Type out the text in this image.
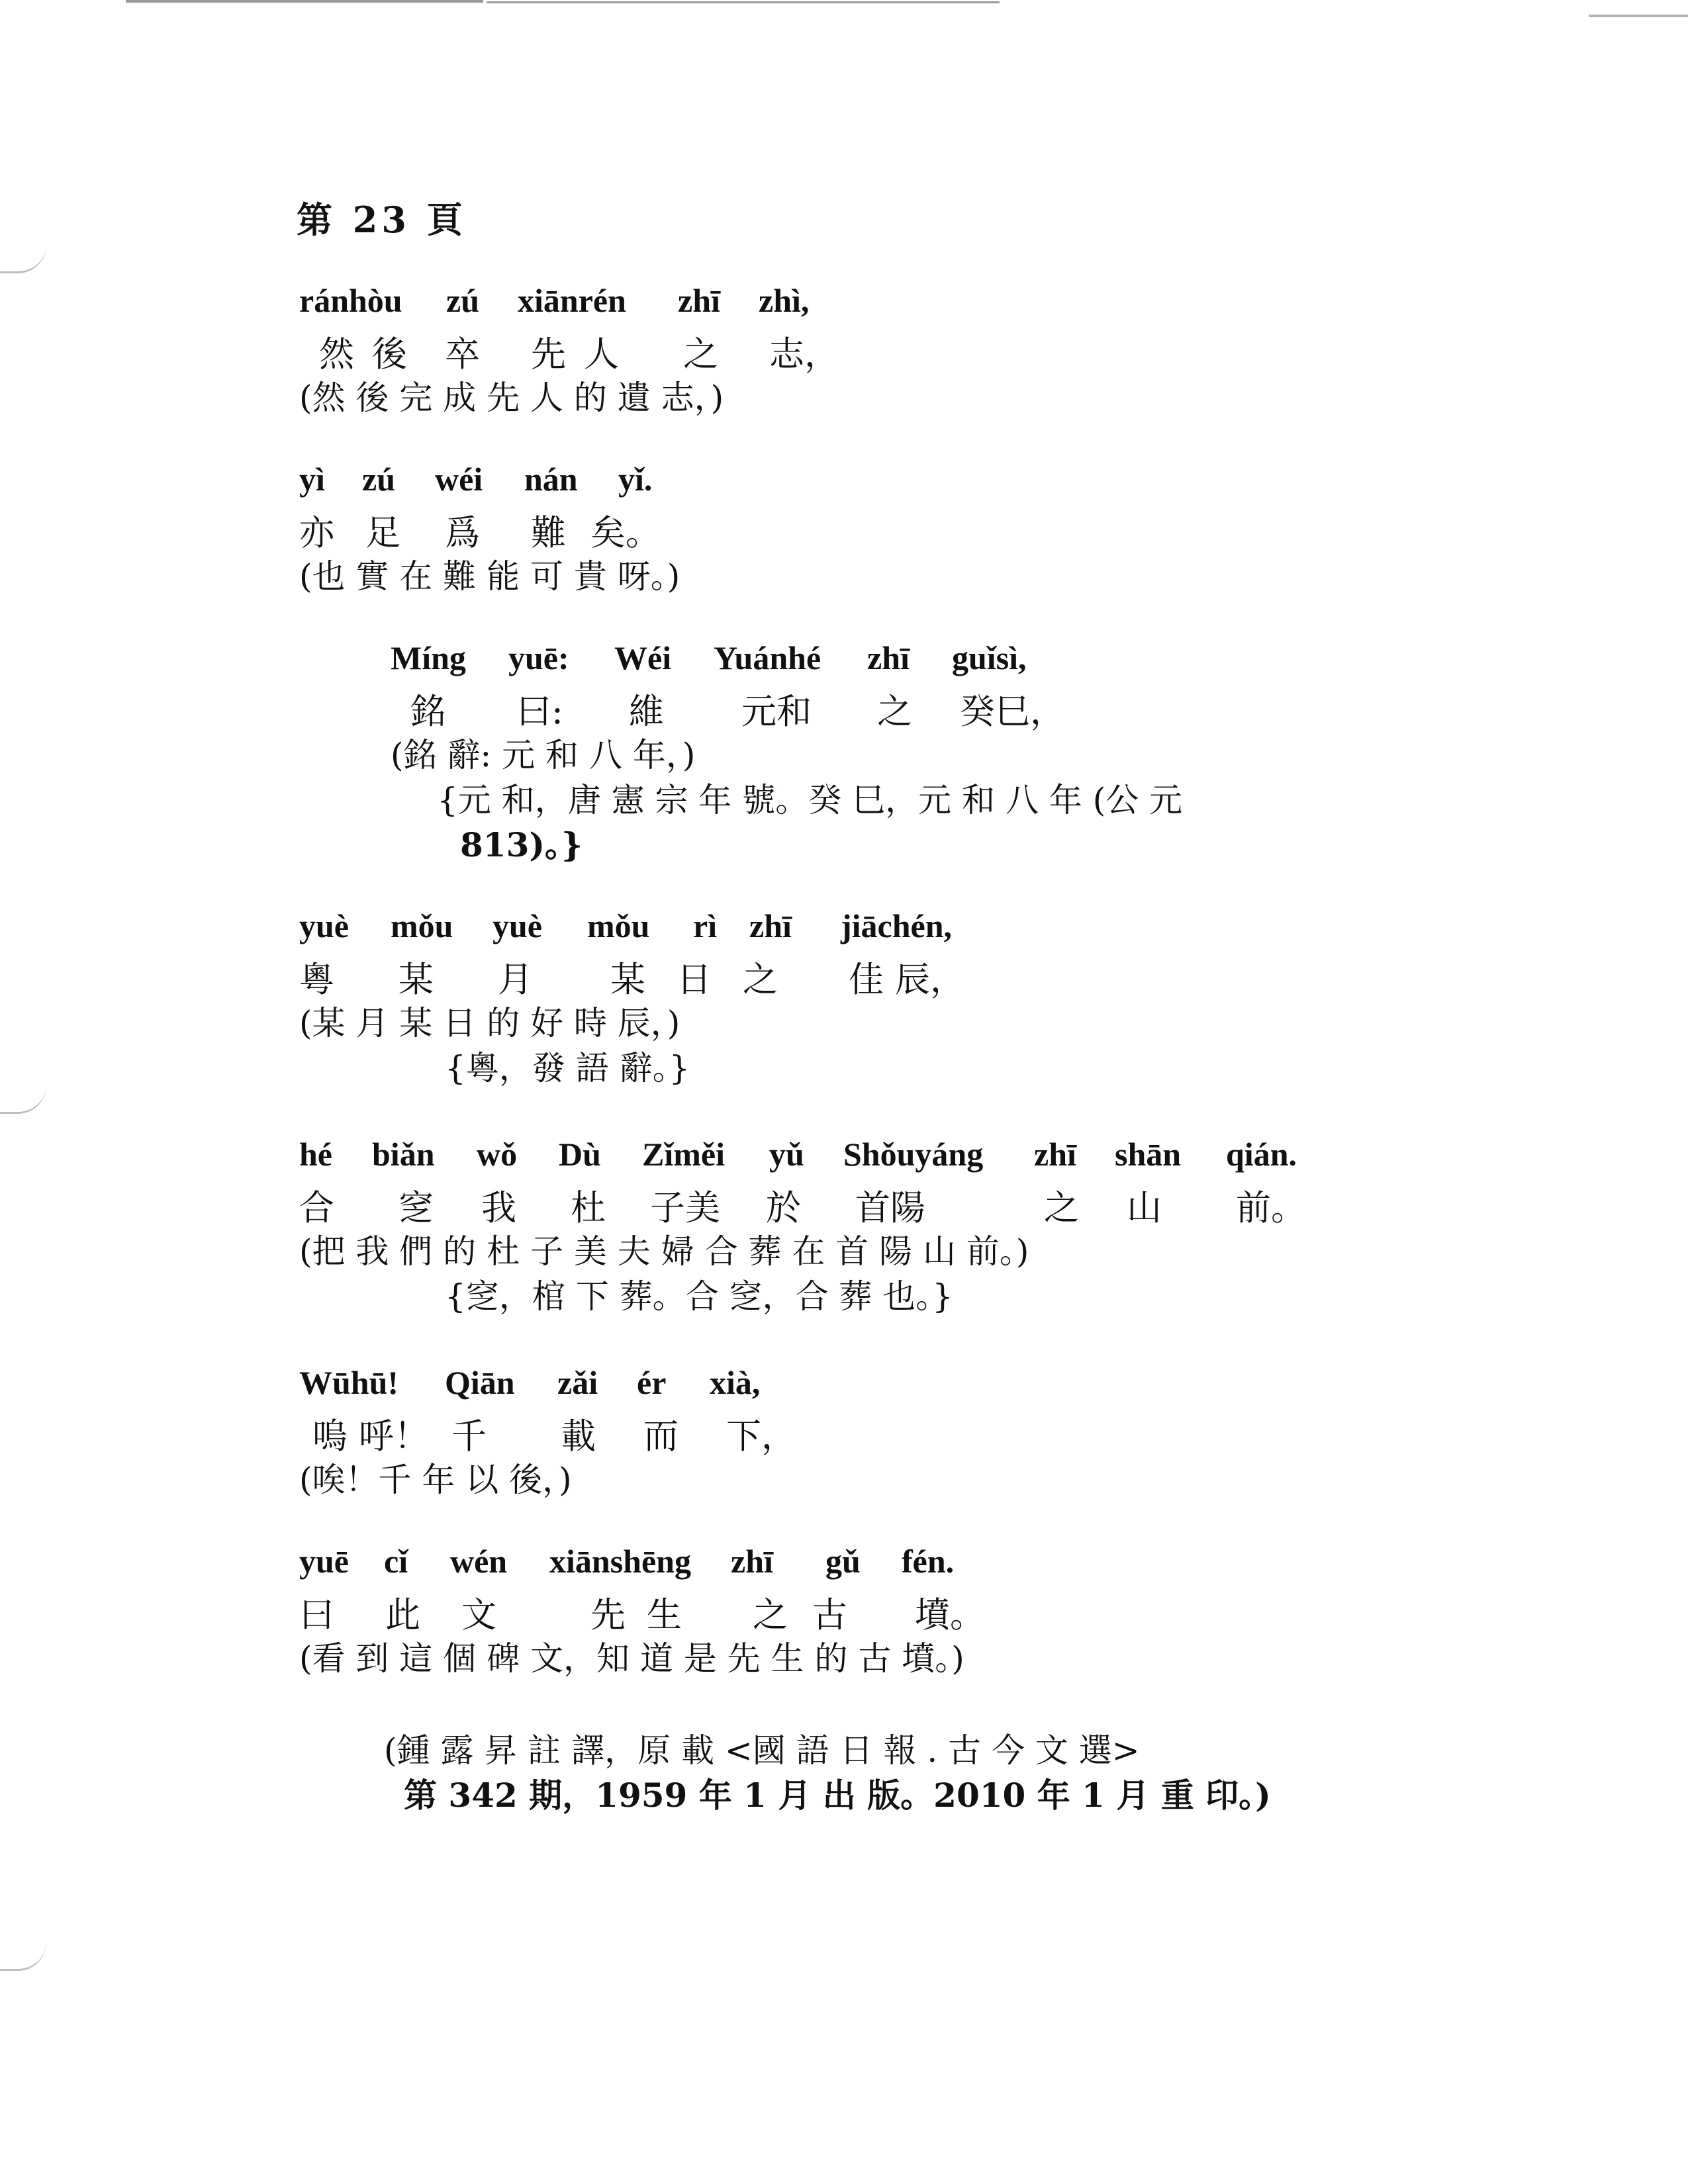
第 23 頁
ránhòu zú xiānrén zhī zhì,
然 後 卒 先 人 之 志，
(然 後 完 成 先 人 的 遺 志，)
yì zú wéi nán yǐ.
亦 足 爲 難 矣。
(也 實 在 難 能 可 貴 呀。)
Míng yuē: Wéi Yuánhé zhī guǐsì,
銘 曰: 維 元和 之 癸巳，
(銘 辭: 元 和 八 年，)
{元 和，唐 憲 宗 年 號。癸 巳，元 和 八 年 (公 元
813)。}
yuè mǒu yuè mǒu rì zhī jiāchén,
粵 某 月 某 日 之 佳 辰，
(某 月 某 日 的 好 時 辰，)
{粵，發 語 辭。}
hé biǎn wǒ Dù Zǐměi yǔ Shǒuyáng zhī shān qián.
合 窆 我 杜 子美 於 首陽	之 山 前。
(把 我 們 的 杜 子 美 夫 婦 合 葬 在 首 陽 山 前。)
{窆，棺 下 葬。合 窆，合 葬 也。}
Wūhū! Qiān zǎi ér xià,
嗚 呼！ 千 載 而 下，
(唉！千 年 以 後，)
yuē cǐ wén xiānshēng zhī gǔ fén.
曰 此 文	先 生 之 古 墳。
(看 到 這 個 碑 文，知 道 是 先 生 的 古 墳。)
(鍾 露 昇 註 譯，原 載 <國 語 日 報 . 古 今 文 選>
第 342 期，1959 年 1 月 出 版。2010 年 1 月 重 印。)
